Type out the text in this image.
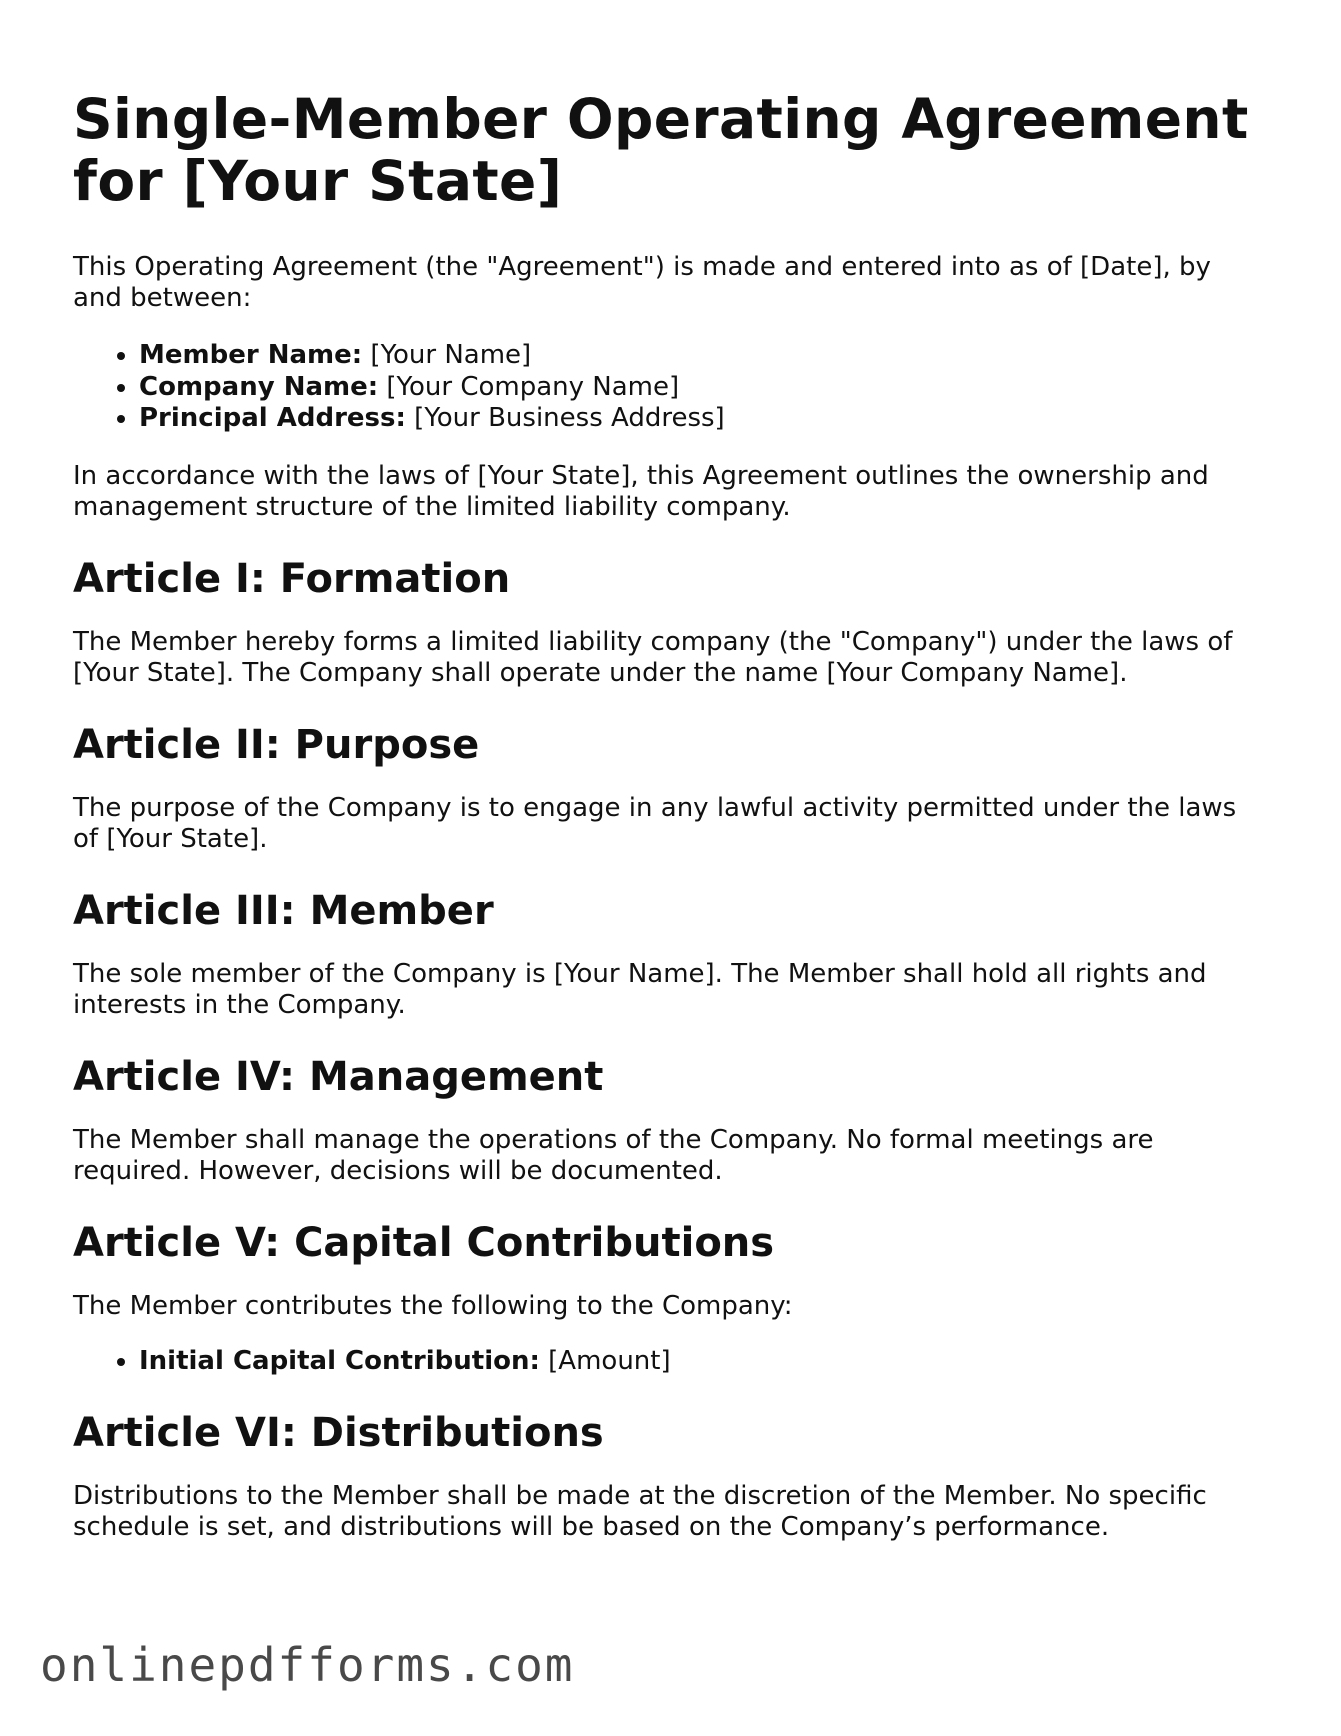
Single-Member Operating Agreement for [Your State]

This Operating Agreement (the "Agreement") is made and entered into as of [Date], by and between:

• Member Name: [Your Name]
• Company Name: [Your Company Name]
• Principal Address: [Your Business Address]

In accordance with the laws of [Your State], this Agreement outlines the ownership and management structure of the limited liability company.

Article I: Formation

The Member hereby forms a limited liability company (the "Company") under the laws of [Your State]. The Company shall operate under the name [Your Company Name].

Article II: Purpose

The purpose of the Company is to engage in any lawful activity permitted under the laws of [Your State].

Article III: Member

The sole member of the Company is [Your Name]. The Member shall hold all rights and interests in the Company.

Article IV: Management

The Member shall manage the operations of the Company. No formal meetings are required. However, decisions will be documented.

Article V: Capital Contributions

The Member contributes the following to the Company:

• Initial Capital Contribution: [Amount]
Article VI: Distributions

Distributions to the Member shall be made at the discretion of the Member. No specific schedule is set, and distributions will be based on the Company’s performance.

onlinepdfforms.com
